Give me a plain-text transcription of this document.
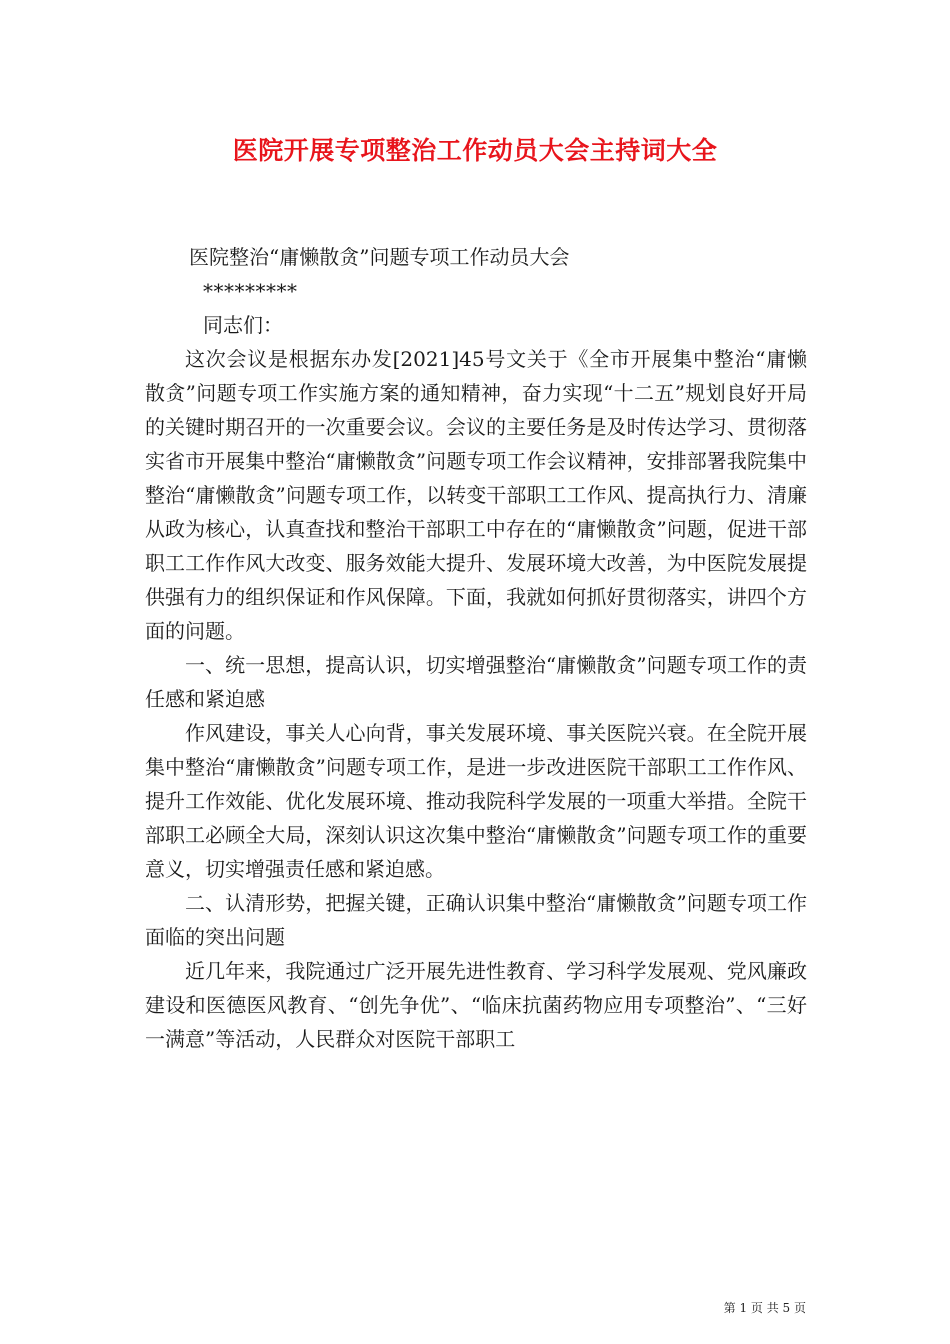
医院开展专项整治工作动员大会主持词大全

医院整治“庸懒散贪”问题专项工作动员大会

*********

同志们：

这次会议是根据东办发[2021]45号文关于《全市开展集中整治“庸懒散贪”问题专项工作实施方案的通知精神，奋力实现“十二五”规划良好开局的关键时期召开的一次重要会议。会议的主要任务是及时传达学习、贯彻落实省市开展集中整治“庸懒散贪”问题专项工作会议精神，安排部署我院集中整治“庸懒散贪”问题专项工作，以转变干部职工工作风、提高执行力、清廉从政为核心，认真查找和整治干部职工中存在的“庸懒散贪”问题，促进干部职工工作作风大改变、服务效能大提升、发展环境大改善，为中医院发展提供强有力的组织保证和作风保障。下面，我就如何抓好贯彻落实，讲四个方面的问题。

一、统一思想，提高认识，切实增强整治“庸懒散贪”问题专项工作的责任感和紧迫感

作风建设，事关人心向背，事关发展环境、事关医院兴衰。在全院开展集中整治“庸懒散贪”问题专项工作，是进一步改进医院干部职工工作作风、提升工作效能、优化发展环境、推动我院科学发展的一项重大举措。全院干部职工必顾全大局，深刻认识这次集中整治“庸懒散贪”问题专项工作的重要意义，切实增强责任感和紧迫感。

二、认清形势，把握关键，正确认识集中整治“庸懒散贪”问题专项工作面临的突出问题

近几年来，我院通过广泛开展先进性教育、学习科学发展观、党风廉政建设和医德医风教育、“创先争优”、“临床抗菌药物应用专项整治”、“三好一满意”等活动，人民群众对医院干部职工

第 1 页 共 5 页
